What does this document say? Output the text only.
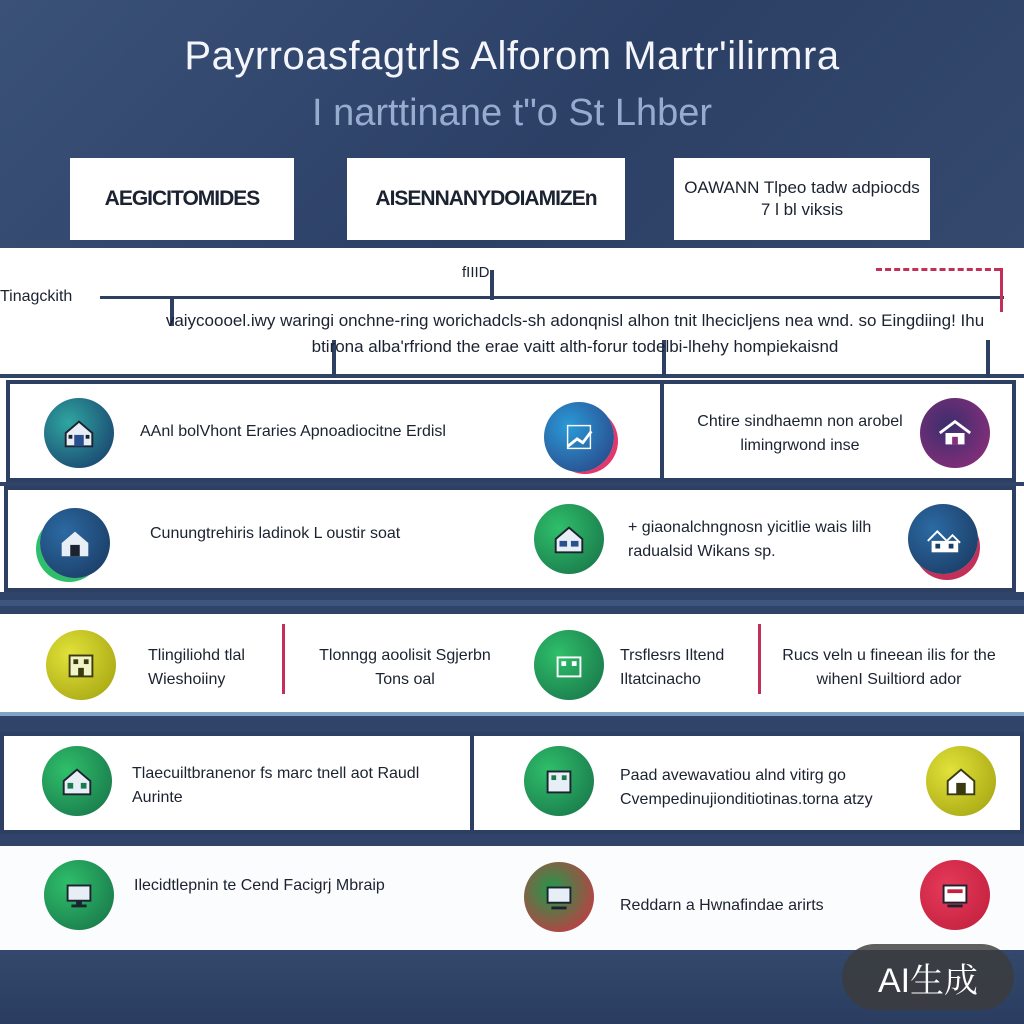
Payrroasfagtrls Alforom Martr'ilirmra
I narttinane t"o St Lhber
AEGICITOMIDES	AISENNANYDOIAMIZEn	OAWANN Tlpeo tadw adpiocds 7 l bl viksis
Tinagckith
fIIID
vaiycoooel.iwy waringi onchne-ring worichadcls-sh adonqnisl alhon tnit lhecicljens nea wnd. so Eingdiing! Ihu btirona alba'rfriond the erae vaitt alth-forur todelbi-lhehy hompiekaisnd
AAnl bolVhont Eraries Apnoadiocitne Erdisl
Chtire sindhaemn non arobel limingrwond inse
Cunungtrehiris ladinok L oustir soat	+ giaonalchngnosn yicitlie wais lilh radualsid Wikans sp.
Tlingiliohd tlal Wieshoiiny
Tlonngg aoolisit Sgjerbn Tons oal
Trsflesrs Iltend Iltatcinacho
Rucs veln u fineean ilis for the wihenI Suiltiord ador
Tlaecuiltbranenor fs marc tnell aot Raudl Aurinte
Paad avewavatiou alnd vitirg go Cvempedinujionditiotinas.torna atzy
Ilecidtlepnin te Cend Facigrj Mbraip
Reddarn a Hwnafindae arirts
AI生成
